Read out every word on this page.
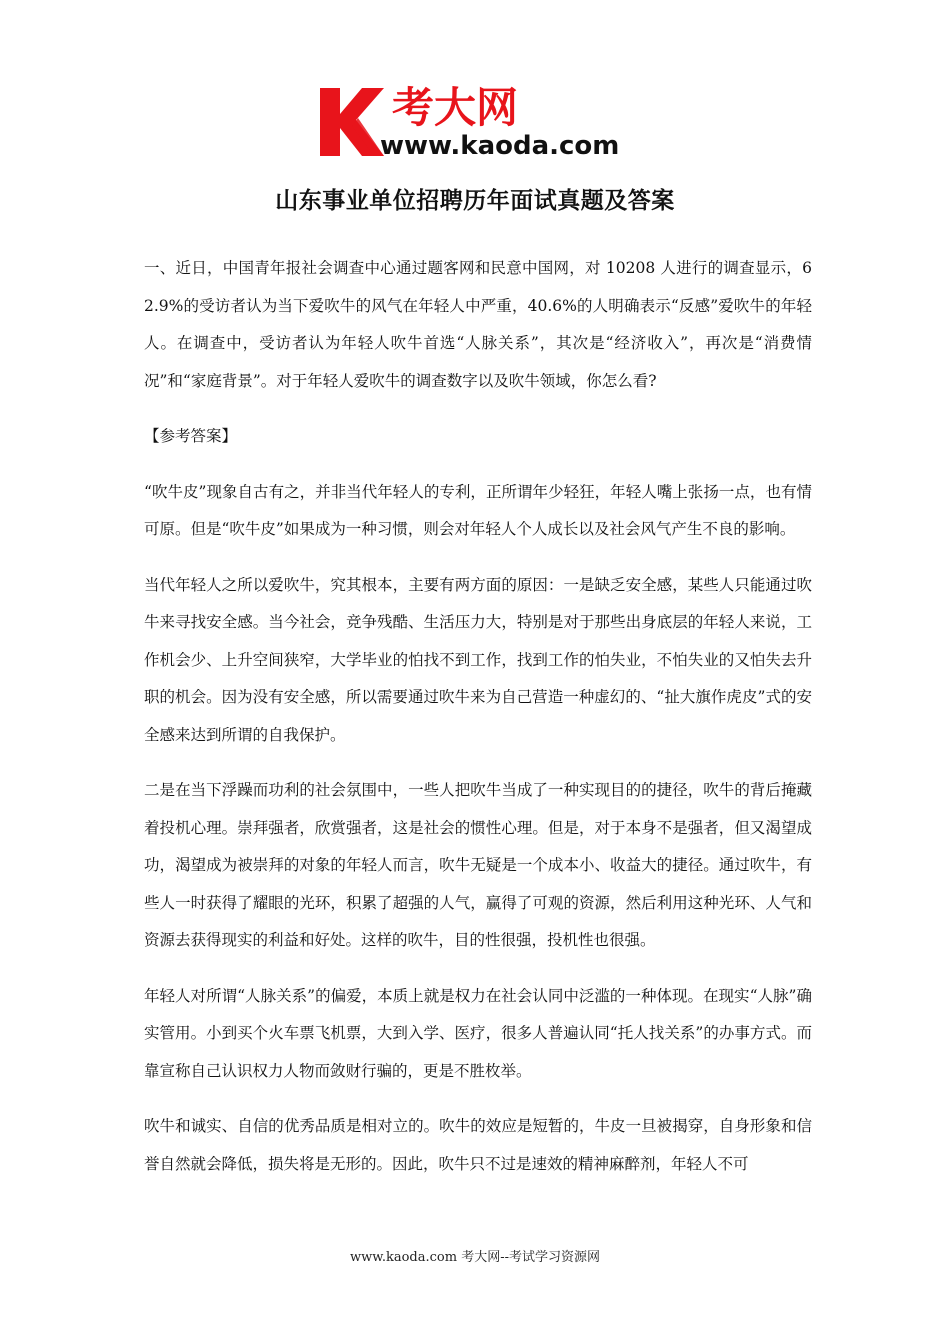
考大网
www.kaoda.com
山东事业单位招聘历年面试真题及答案

一、近日，中国青年报社会调查中心通过题客网和民意中国网，对 10208 人进行的调查显示，62.9%的受访者认为当下爱吹牛的风气在年轻人中严重，40.6%的人明确表示“反感”爱吹牛的年轻人。在调查中，受访者认为年轻人吹牛首选“人脉关系”，其次是“经济收入”，再次是“消费情况”和“家庭背景”。对于年轻人爱吹牛的调查数字以及吹牛领域，你怎么看?

【参考答案】

“吹牛皮”现象自古有之，并非当代年轻人的专利，正所谓年少轻狂，年轻人嘴上张扬一点，也有情可原。但是“吹牛皮”如果成为一种习惯，则会对年轻人个人成长以及社会风气产生不良的影响。

当代年轻人之所以爱吹牛，究其根本，主要有两方面的原因：一是缺乏安全感，某些人只能通过吹牛来寻找安全感。当今社会，竞争残酷、生活压力大，特别是对于那些出身底层的年轻人来说，工作机会少、上升空间狭窄，大学毕业的怕找不到工作，找到工作的怕失业，不怕失业的又怕失去升职的机会。因为没有安全感，所以需要通过吹牛来为自己营造一种虚幻的、“扯大旗作虎皮”式的安全感来达到所谓的自我保护。

二是在当下浮躁而功利的社会氛围中，一些人把吹牛当成了一种实现目的的捷径，吹牛的背后掩藏着投机心理。崇拜强者，欣赏强者，这是社会的惯性心理。但是，对于本身不是强者，但又渴望成功，渴望成为被崇拜的对象的年轻人而言，吹牛无疑是一个成本小、收益大的捷径。通过吹牛，有些人一时获得了耀眼的光环，积累了超强的人气，赢得了可观的资源，然后利用这种光环、人气和资源去获得现实的利益和好处。这样的吹牛，目的性很强，投机性也很强。

年轻人对所谓“人脉关系”的偏爱，本质上就是权力在社会认同中泛滥的一种体现。在现实“人脉”确实管用。小到买个火车票飞机票，大到入学、医疗，很多人普遍认同“托人找关系”的办事方式。而靠宣称自己认识权力人物而敛财行骗的，更是不胜枚举。

吹牛和诚实、自信的优秀品质是相对立的。吹牛的效应是短暂的，牛皮一旦被揭穿，自身形象和信誉自然就会降低，损失将是无形的。因此，吹牛只不过是速效的精神麻醉剂，年轻人不可

www.kaoda.com 考大网--考试学习资源网
